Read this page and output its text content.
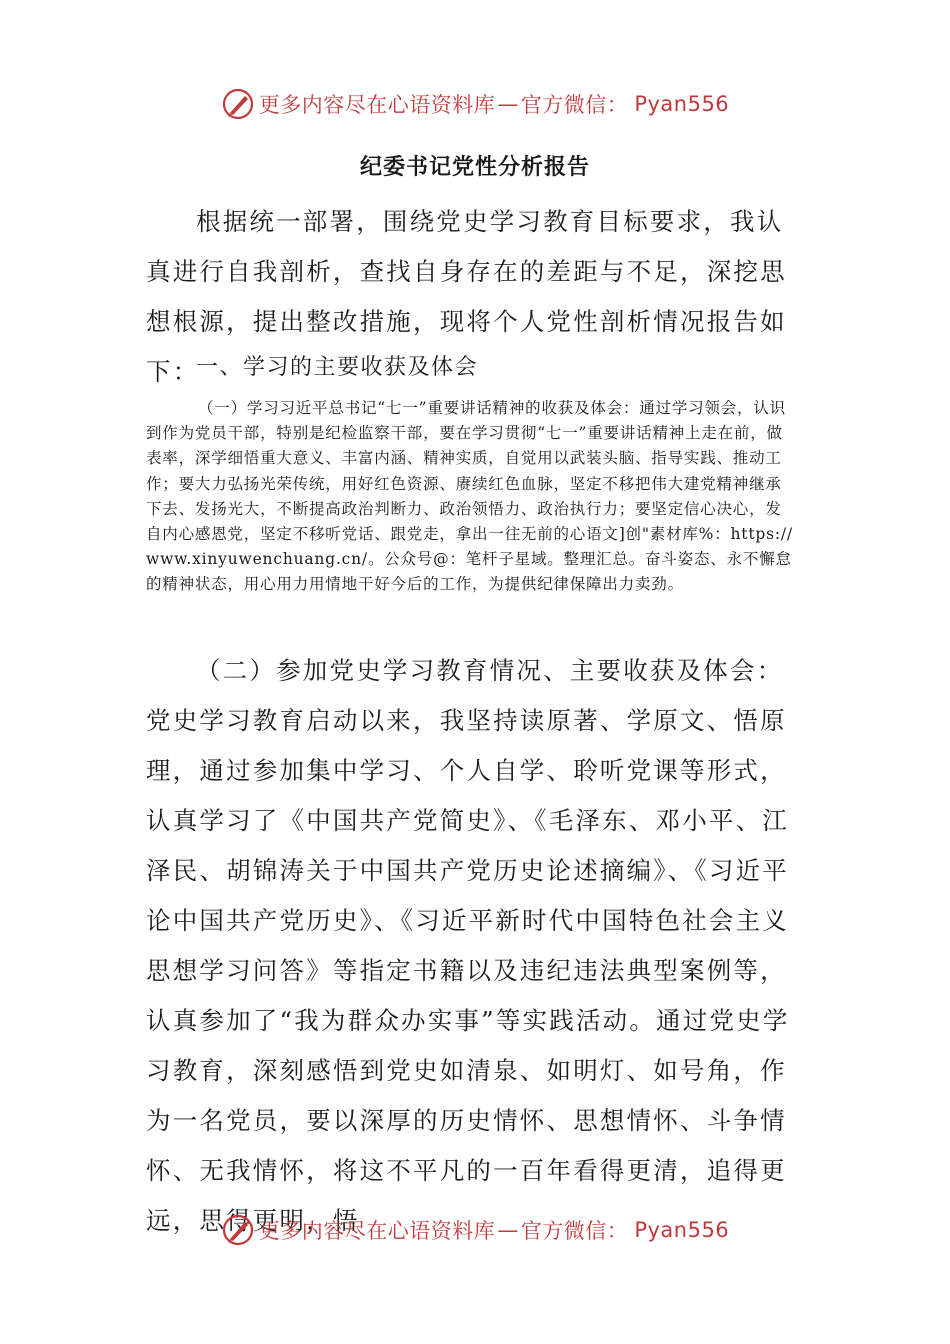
更多内容尽在心语资料库 — 官方微信： Pyan556
纪委书记党性分析报告

根据统一部署，围绕党史学习教育目标要求，我认真进行自我剖析，查找自身存在的差距与不足，深挖思想根源，提出整改措施，现将个人党性剖析情况报告如下：

一、学习的主要收获及体会

（一）学习习近平总书记“七一”重要讲话精神的收获及体会：通过学习领会，认识到作为党员干部，特别是纪检监察干部，要在学习贯彻“七一”重要讲话精神上走在前，做表率，深学细悟重大意义、丰富内涵、精神实质，自觉用以武装头脑、指导实践、推动工作；要大力弘扬光荣传统，用好红色资源、赓续红色血脉，坚定不移把伟大建党精神继承下去、发扬光大，不断提高政治判断力、政治领悟力、政治执行力；要坚定信心决心，发自内心感恩党，坚定不移听党话、跟党走，拿出一往无前的心语文]创"素材库%：https://www.xinyuwenchuang.cn/。公众号@：笔杆子星域。整理汇总。奋斗姿态、永不懈怠的精神状态，用心用力用情地干好今后的工作，为提供纪律保障出力卖劲。

（二）参加党史学习教育情况、主要收获及体会：党史学习教育启动以来，我坚持读原著、学原文、悟原理，通过参加集中学习、个人自学、聆听党课等形式，认真学习了《中国共产党简史》、《毛泽东、邓小平、江泽民、胡锦涛关于中国共产党历史论述摘编》、《习近平论中国共产党历史》、《习近平新时代中国特色社会主义思想学习问答》等指定书籍以及违纪违法典型案例等，认真参加了“我为群众办实事”等实践活动。通过党史学习教育，深刻感悟到党史如清泉、如明灯、如号角，作为一名党员，要以深厚的历史情怀、思想情怀、斗争情怀、无我情怀，将这不平凡的一百年看得更清，追得更远，思得更明，悟

更多内容尽在心语资料库 — 官方微信： Pyan556
